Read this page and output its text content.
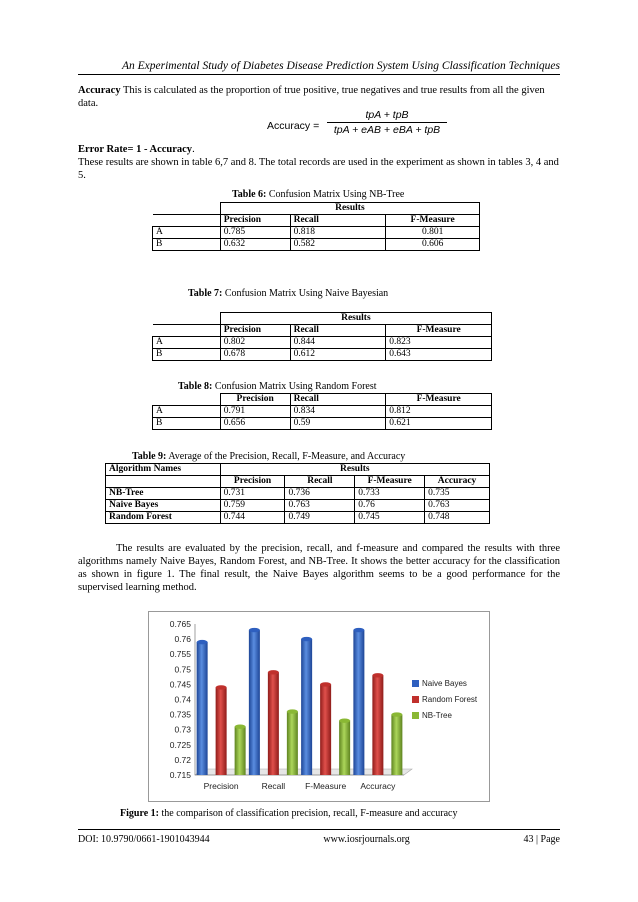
An Experimental Study of Diabetes Disease Prediction System Using Classification Techniques
Accuracy This is calculated as the proportion of true positive, true negatives and true results from all the given data.
Accuracy =
tpA + tpB
tpA + eAB + eBA + tpB
Error Rate= 1 - Accuracy.
These results are shown in table 6,7 and 8. The total records are used in the experiment as shown in tables 3, 4 and 5.
Table 6: Confusion Matrix Using NB-Tree
	Results		
	Precision	Recall	F-Measure
A	0.785	0.818	0.801
B	0.632	0.582	0.606
Table 7: Confusion Matrix Using Naive Bayesian
	Results		
	Precision	Recall	F-Measure
A	0.802	0.844	0.823
B	0.678	0.612	0.643
Table 8: Confusion Matrix Using Random Forest
	Precision	Recall	F-Measure
A	0.791	0.834	0.812
B	0.656	0.59	0.621
Table 9: Average of the Precision, Recall, F-Measure, and Accuracy
Algorithm Names	Results			
	Precision	Recall	F-Measure	Accuracy
NB-Tree	0.731	0.736	0.733	0.735
Naive Bayes	0.759	0.763	0.76	0.763
Random Forest	0.744	0.749	0.745	0.748
The results are evaluated by the precision, recall, and f-measure and compared the results with three algorithms namely Naive Bayes, Random Forest, and NB-Tree. It shows the better accuracy for the classification as shown in figure 1. The final result, the Naive Bayes algorithm seems to be a good performance for the supervised learning method.
0.715
0.72
0.725
0.73
0.735
0.74
0.745
0.75
0.755
0.76
0.765
Precision	Recall F-Measure Accuracy
Naive Bayes
Random Forest
NB-Tree
Figure 1: the comparison of classification precision, recall, F-measure and accuracy
DOI: 10.9790/0661-1901043944	www.iosrjournals.org	43 | Page
